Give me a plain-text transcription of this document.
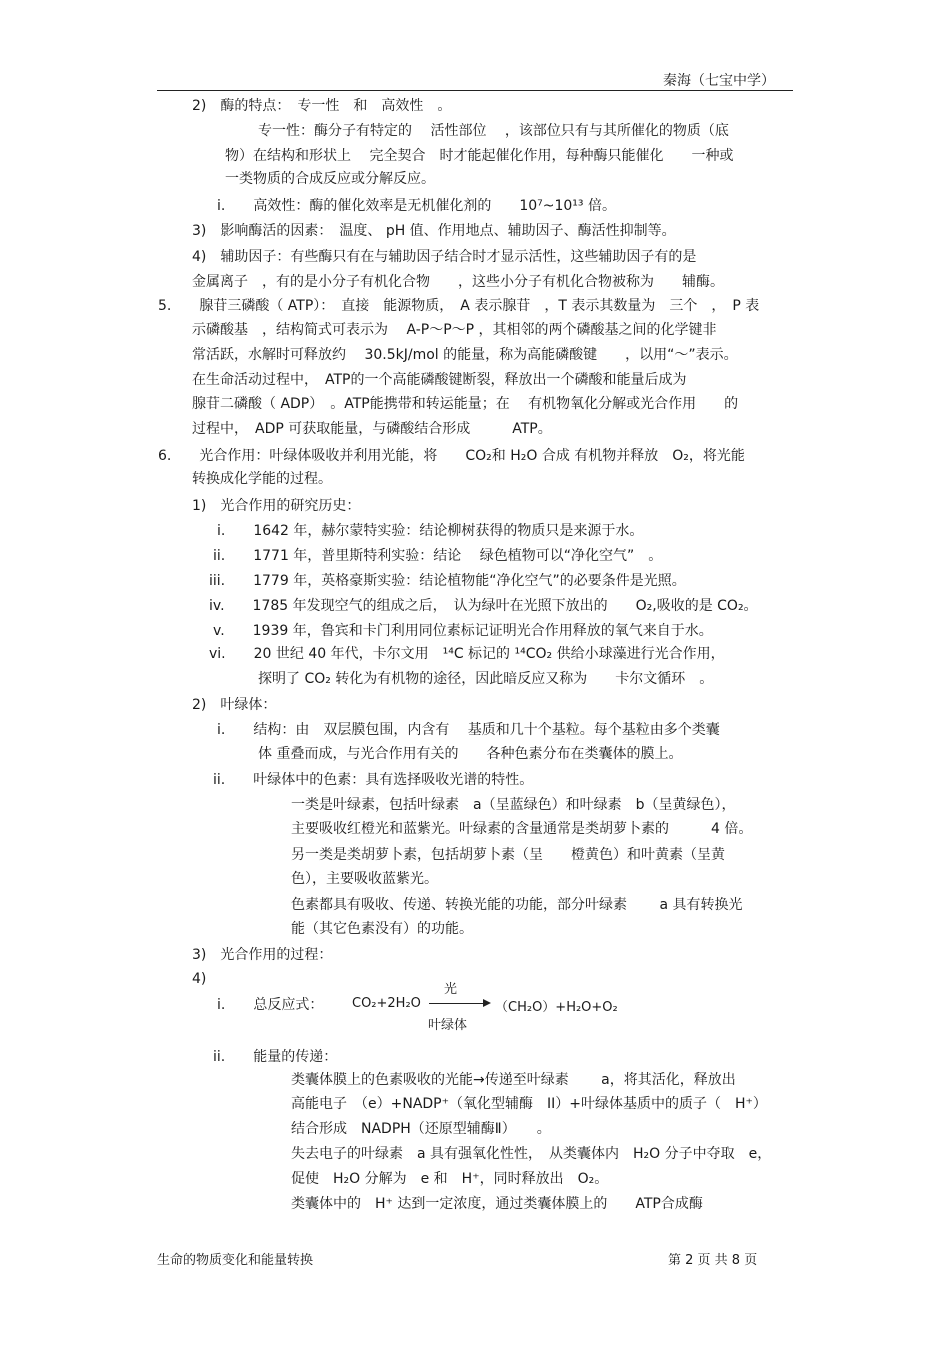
秦海（七宝中学）
2)　酶的特点：　专一性　和　高效性　。
专一性：酶分子有特定的　 活性部位　 ，该部位只有与其所催化的物质（底
物）在结构和形状上　 完全契合　时才能起催化作用，每种酶只能催化　　一种或
一类物质的合成反应或分解反应。
i.　　高效性：酶的催化效率是无机催化剂的　　10⁷~10¹³ 倍。
3)　影响酶活的因素：　温度、 pH 值、作用地点、辅助因子、酶活性抑制等。
4)　辅助因子：有些酶只有在与辅助因子结合时才显示活性，这些辅助因子有的是
金属离子　，有的是小分子有机化合物　　，这些小分子有机化合物被称为　　辅酶。
5.　　腺苷三磷酸（ ATP）：　直接　能源物质，　A 表示腺苷　，T 表示其数量为　三个　，　P 表
示磷酸基　，结构简式可表示为　 A-P～P～P ，其相邻的两个磷酸基之间的化学键非
常活跃，水解时可释放约　 30.5kJ/mol 的能量，称为高能磷酸键　　，以用“～”表示。
在生命活动过程中，　ATP的一个高能磷酸键断裂，释放出一个磷酸和能量后成为
腺苷二磷酸（ ADP）　。ATP能携带和转运能量；在　 有机物氧化分解或光合作用　　的
过程中，　ADP 可获取能量，与磷酸结合形成　　　ATP。
6.　　光合作用：叶绿体吸收并利用光能，将　　CO₂和 H₂O 合成 有机物并释放　O₂，将光能
转换成化学能的过程。
1)　光合作用的研究历史：
i.　　1642 年，赫尔蒙特实验：结论柳树获得的物质只是来源于水。
ii.　　1771 年，普里斯特利实验：结论　 绿色植物可以“净化空气”　。
iii.　　1779 年，英格豪斯实验：结论植物能“净化空气”的必要条件是光照。
iv.　　1785 年发现空气的组成之后，　认为绿叶在光照下放出的　　O₂,吸收的是 CO₂。
v.　　1939 年，鲁宾和卡门利用同位素标记证明光合作用释放的氧气来自于水。
vi.　　20 世纪 40 年代，卡尔文用　¹⁴C 标记的 ¹⁴CO₂ 供给小球藻进行光合作用，
探明了 CO₂ 转化为有机物的途径，因此暗反应又称为　　卡尔文循环　。
2)　叶绿体：
i.　　结构：由　双层膜包围，内含有　 基质和几十个基粒。每个基粒由多个类囊
体 重叠而成，与光合作用有关的　　各种色素分布在类囊体的膜上。
ii.　　叶绿体中的色素：具有选择吸收光谱的特性。
一类是叶绿素，包括叶绿素　a（呈蓝绿色）和叶绿素　b（呈黄绿色），
主要吸收红橙光和蓝紫光。叶绿素的含量通常是类胡萝卜素的　　　4 倍。
另一类是类胡萝卜素，包括胡萝卜素（呈　　橙黄色）和叶黄素（呈黄
色），主要吸收蓝紫光。
色素都具有吸收、传递、转换光能的功能，部分叶绿素　　 a 具有转换光
能（其它色素没有）的功能。
3)　光合作用的过程：
4)
i.　　总反应式：
ii.　　能量的传递：
类囊体膜上的色素吸收的光能→传递至叶绿素　　 a，将其活化，释放出
高能电子　（e）+NADP⁺（氧化型辅酶　II）+叶绿体基质中的质子（　H⁺）
结合形成　NADPH（还原型辅酶Ⅱ）　　。
失去电子的叶绿素　a 具有强氧化性性，　从类囊体内　H₂O 分子中夺取　e，
促使　H₂O 分解为　e 和　H⁺，同时释放出　O₂。
类囊体中的　H⁺ 达到一定浓度，通过类囊体膜上的　　ATP合成酶
CO₂+2H₂O
光
叶绿体
（CH₂O）+H₂O+O₂
生命的物质变化和能量转换	第 2 页 共 8 页
